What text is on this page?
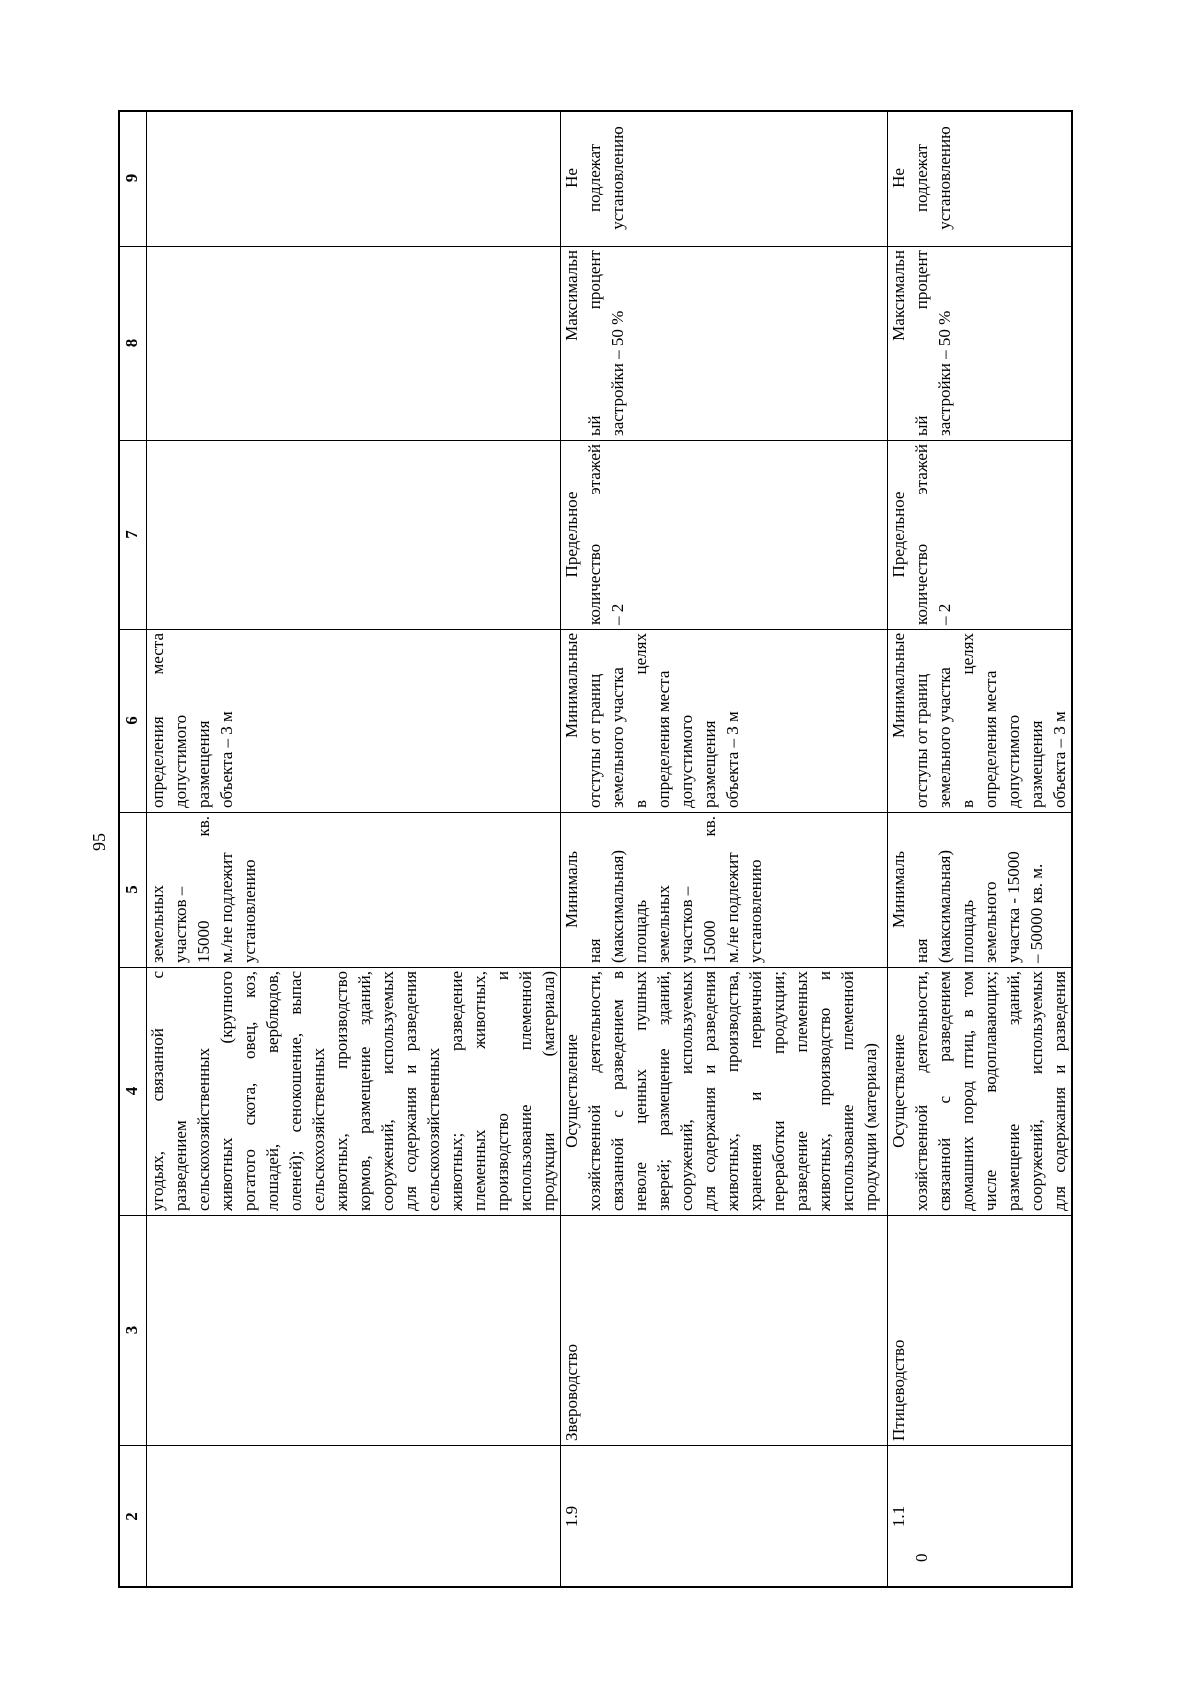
95
9
8
7
6
5
4
3
2
угодьях, связанной с разведением сельскохозяйственных животных (крупного рогатого скота, овец, коз, лошадей, верблюдов, оленей); сенокошение, выпас сельскохозяйственных животных, производство кормов, размещение зданий, сооружений, используемых для содержания и разведения сельскохозяйственных животных; разведение племенных животных, производство и использование племенной продукции (материала)
земельных участков – 15000 кв. м./не подлежит установлению
определения места допустимого размещения объекта – 3 м
1.9
Звероводство
Осуществление хозяйственной деятельности, связанной с разведением в неволе ценных пушных зверей; размещение зданий, сооружений, используемых для содержания и разведения животных, производства, хранения и первичной переработки продукции; разведение племенных животных, производство и использование племенной продукции (материала)
Минималь
ная (максимальная) площадь земельных участков – 15000 кв. м./не подлежит установлению
Минимальные отступы от границ земельного участка в целях определения места допустимого размещения объекта – 3 м
Предельное количество этажей – 2
Максимальн ый процент застройки – 50 %
Не подлежат установлению
1.1
0
Птицеводство
Осуществление хозяйственной деятельности, связанной с разведением домашних пород птиц, в том числе водоплавающих; размещение зданий, сооружений, используемых для содержания и разведения
Минималь
ная (максимальная) площадь земельного участка - 15000 – 50000 кв. м.
Минимальные отступы от границ земельного участка в целях определения места допустимого размещения объекта – 3 м
Предельное количество этажей – 2
Максимальн ый процент застройки – 50 %
Не подлежат установлению
